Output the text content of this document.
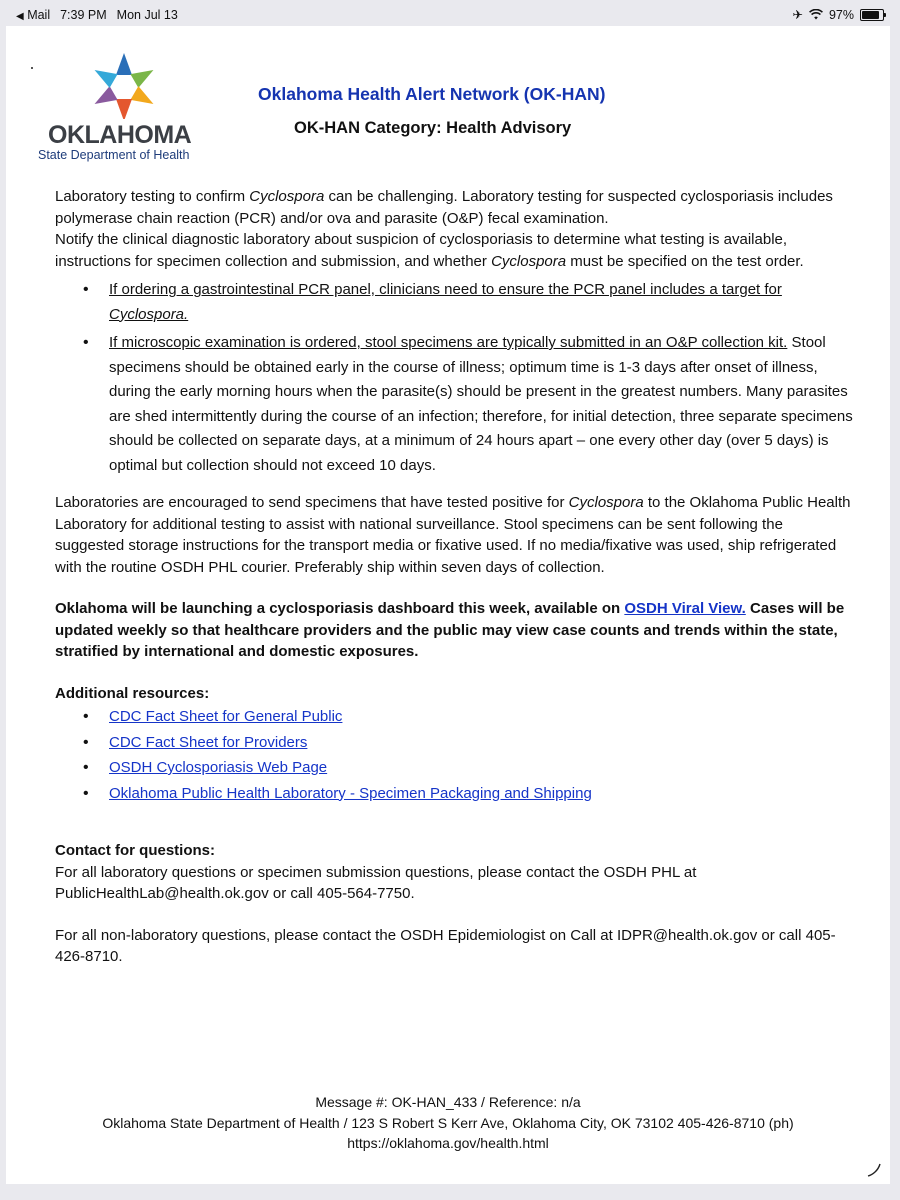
◀ Mail 7:39 PM Mon Jul 13	✈ 97%
OKLAHOMA
State Department of Health
Oklahoma Health Alert Network (OK-HAN)
OK-HAN Category: Health Advisory

Laboratory testing to confirm Cyclospora can be challenging. Laboratory testing for suspected cyclosporiasis includes polymerase chain reaction (PCR) and/or ova and parasite (O&P) fecal examination.

Notify the clinical diagnostic laboratory about suspicion of cyclosporiasis to determine what testing is available, instructions for specimen collection and submission, and whether Cyclospora must be specified on the test order.

• If ordering a gastrointestinal PCR panel, clinicians need to ensure the PCR panel includes a target for Cyclospora.
• If microscopic examination is ordered, stool specimens are typically submitted in an O&P collection kit. Stool specimens should be obtained early in the course of illness; optimum time is 1-3 days after onset of illness, during the early morning hours when the parasite(s) should be present in the greatest numbers. Many parasites are shed intermittently during the course of an infection; therefore, for initial detection, three separate specimens should be collected on separate days, at a minimum of 24 hours apart – one every other day (over 5 days) is optimal but collection should not exceed 10 days.

Laboratories are encouraged to send specimens that have tested positive for Cyclospora to the Oklahoma Public Health Laboratory for additional testing to assist with national surveillance. Stool specimens can be sent following the suggested storage instructions for the transport media or fixative used. If no media/fixative was used, ship refrigerated with the routine OSDH PHL courier. Preferably ship within seven days of collection.

Oklahoma will be launching a cyclosporiasis dashboard this week, available on OSDH Viral View. Cases will be updated weekly so that healthcare providers and the public may view case counts and trends within the state, stratified by international and domestic exposures.

Additional resources:

• CDC Fact Sheet for General Public
• CDC Fact Sheet for Providers
• OSDH Cyclosporiasis Web Page
• Oklahoma Public Health Laboratory - Specimen Packaging and Shipping

Contact for questions:

For all laboratory questions or specimen submission questions, please contact the OSDH PHL at PublicHealthLab@health.ok.gov or call 405-564-7750.

For all non-laboratory questions, please contact the OSDH Epidemiologist on Call at IDPR@health.ok.gov or call 405-426-8710.

Message #: OK-HAN_433 / Reference: n/a
Oklahoma State Department of Health / 123 S Robert S Kerr Ave, Oklahoma City, OK 73102 405-426-8710 (ph)
https://oklahoma.gov/health.html
